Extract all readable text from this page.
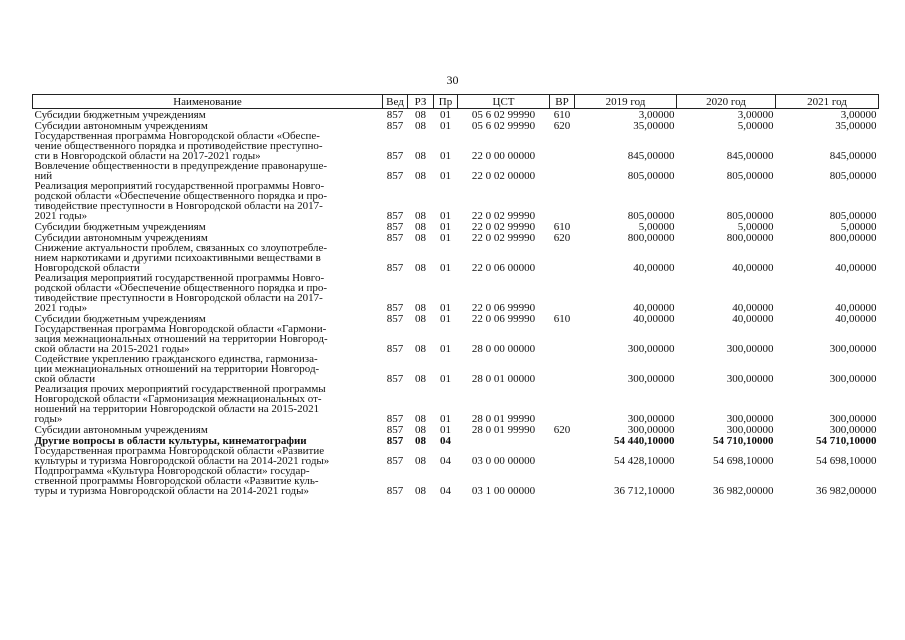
30
Наименование	Вед	РЗ	Пр	ЦСТ	ВР	2019 год	2020 год	2021 год
Субсидии бюджетным учреждениям	857	08	01	05 6 02 99990	610	3,00000	3,00000	3,00000
Субсидии автономным учреждениям	857	08	01	05 6 02 99990	620	35,00000	5,00000	35,00000
Государственная программа Новгородской области «Обеспе-
чение общественного порядка и противодействие преступно-
сти в Новгородской области на 2017-2021 годы»	857	08	01	22 0 00 00000		845,00000	845,00000	845,00000
Вовлечение общественности в предупреждение правонаруше-
ний	857	08	01	22 0 02 00000		805,00000	805,00000	805,00000
Реализация мероприятий государственной программы Новго-
родской области «Обеспечение общественного порядка и про-
тиводействие преступности в Новгородской области на 2017-
2021 годы»	857	08	01	22 0 02 99990		805,00000	805,00000	805,00000
Субсидии бюджетным учреждениям	857	08	01	22 0 02 99990	610	5,00000	5,00000	5,00000
Субсидии автономным учреждениям	857	08	01	22 0 02 99990	620	800,00000	800,00000	800,00000
Снижение актуальности проблем, связанных со злоупотребле-
нием наркотиками и другими психоактивными веществами в
Новгородской области	857	08	01	22 0 06 00000		40,00000	40,00000	40,00000
Реализация мероприятий государственной программы Новго-
родской области «Обеспечение общественного порядка и про-
тиводействие преступности в Новгородской области на 2017-
2021 годы»	857	08	01	22 0 06 99990		40,00000	40,00000	40,00000
Субсидии бюджетным учреждениям	857	08	01	22 0 06 99990	610	40,00000	40,00000	40,00000
Государственная программа Новгородской области «Гармони-
зация межнациональных отношений на территории Новгород-
ской области на 2015-2021 годы»	857	08	01	28 0 00 00000		300,00000	300,00000	300,00000
Содействие укреплению гражданского единства, гармониза-
ции межнациональных отношений на территории Новгород-
ской области	857	08	01	28 0 01 00000		300,00000	300,00000	300,00000
Реализация прочих мероприятий государственной программы
Новгородской области «Гармонизация межнациональных от-
ношений на территории Новгородской области на 2015-2021
годы»	857	08	01	28 0 01 99990		300,00000	300,00000	300,00000
Субсидии автономным учреждениям	857	08	01	28 0 01 99990	620	300,00000	300,00000	300,00000
Другие вопросы в области культуры, кинематографии	857	08	04			54 440,10000	54 710,10000	54 710,10000
Государственная программа Новгородской области «Развитие
культуры и туризма Новгородской области на 2014-2021 годы»	857	08	04	03 0 00 00000		54 428,10000	54 698,10000	54 698,10000
Подпрограмма «Культура Новгородской области» государ-
ственной программы Новгородской области «Развитие куль-
туры и туризма Новгородской области на 2014-2021 годы»	857	08	04	03 1 00 00000		36 712,10000	36 982,00000	36 982,00000
